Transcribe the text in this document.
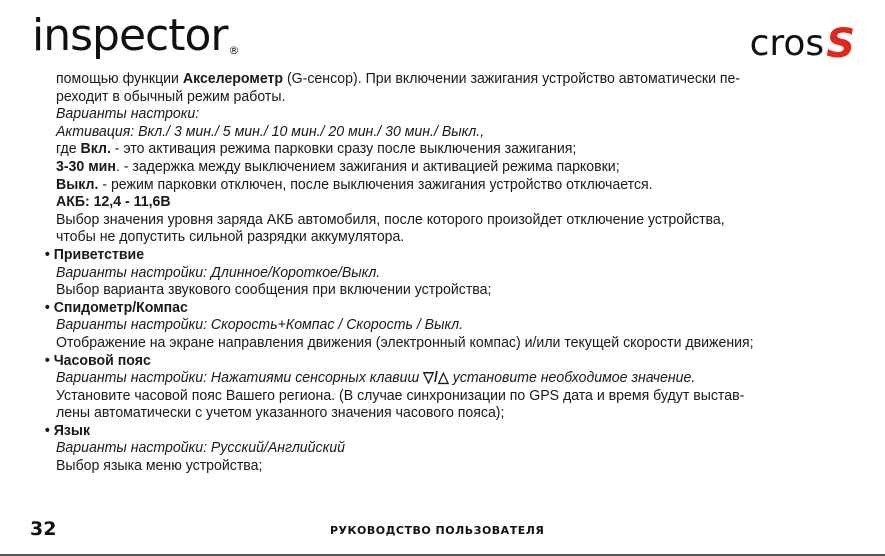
inspector®	cros S
помощью функции Акселерометр (G-сенсор). При включении зажигания устройство автоматически пе-
реходит в обычный режим работы.
Варианты настроки:
Активация: Вкл./ 3 мин./ 5 мин./ 10 мин./ 20 мин./ 30 мин./ Выкл.,
где Вкл. - это активация режима парковки сразу после выключения зажигания;
3-30 мин. - задержка между выключением зажигания и активацией режима парковки;
Выкл. - режим парковки отключен, после выключения зажигания устройство отключается.
АКБ: 12,4 - 11,6В
Выбор значения уровня заряда АКБ автомобиля, после которого произойдет отключение устройства,
чтобы не допустить сильной разрядки аккумулятора.
• Приветствие
Варианты настройки: Длинное/Короткое/Выкл.
Выбор варианта звукового сообщения при включении устройства;
• Спидометр/Компас
Варианты настройки: Скорость+Компас / Скорость / Выкл.
Отображение на экране направления движения (электронный компас) и/или текущей скорости движения;
• Часовой пояс
Варианты настройки: Нажатиями сенсорных клавиш ▽/△ установите необходимое значение.
Установите часовой пояс Вашего региона. (В случае синхронизации по GPS дата и время будут выстав-
лены автоматически с учетом указанного значения часового пояса);
• Язык
Варианты настройки: Русский/Английский
Выбор языка меню устройства;
32	РУКОВОДСТВО ПОЛЬЗОВАТЕЛЯ
